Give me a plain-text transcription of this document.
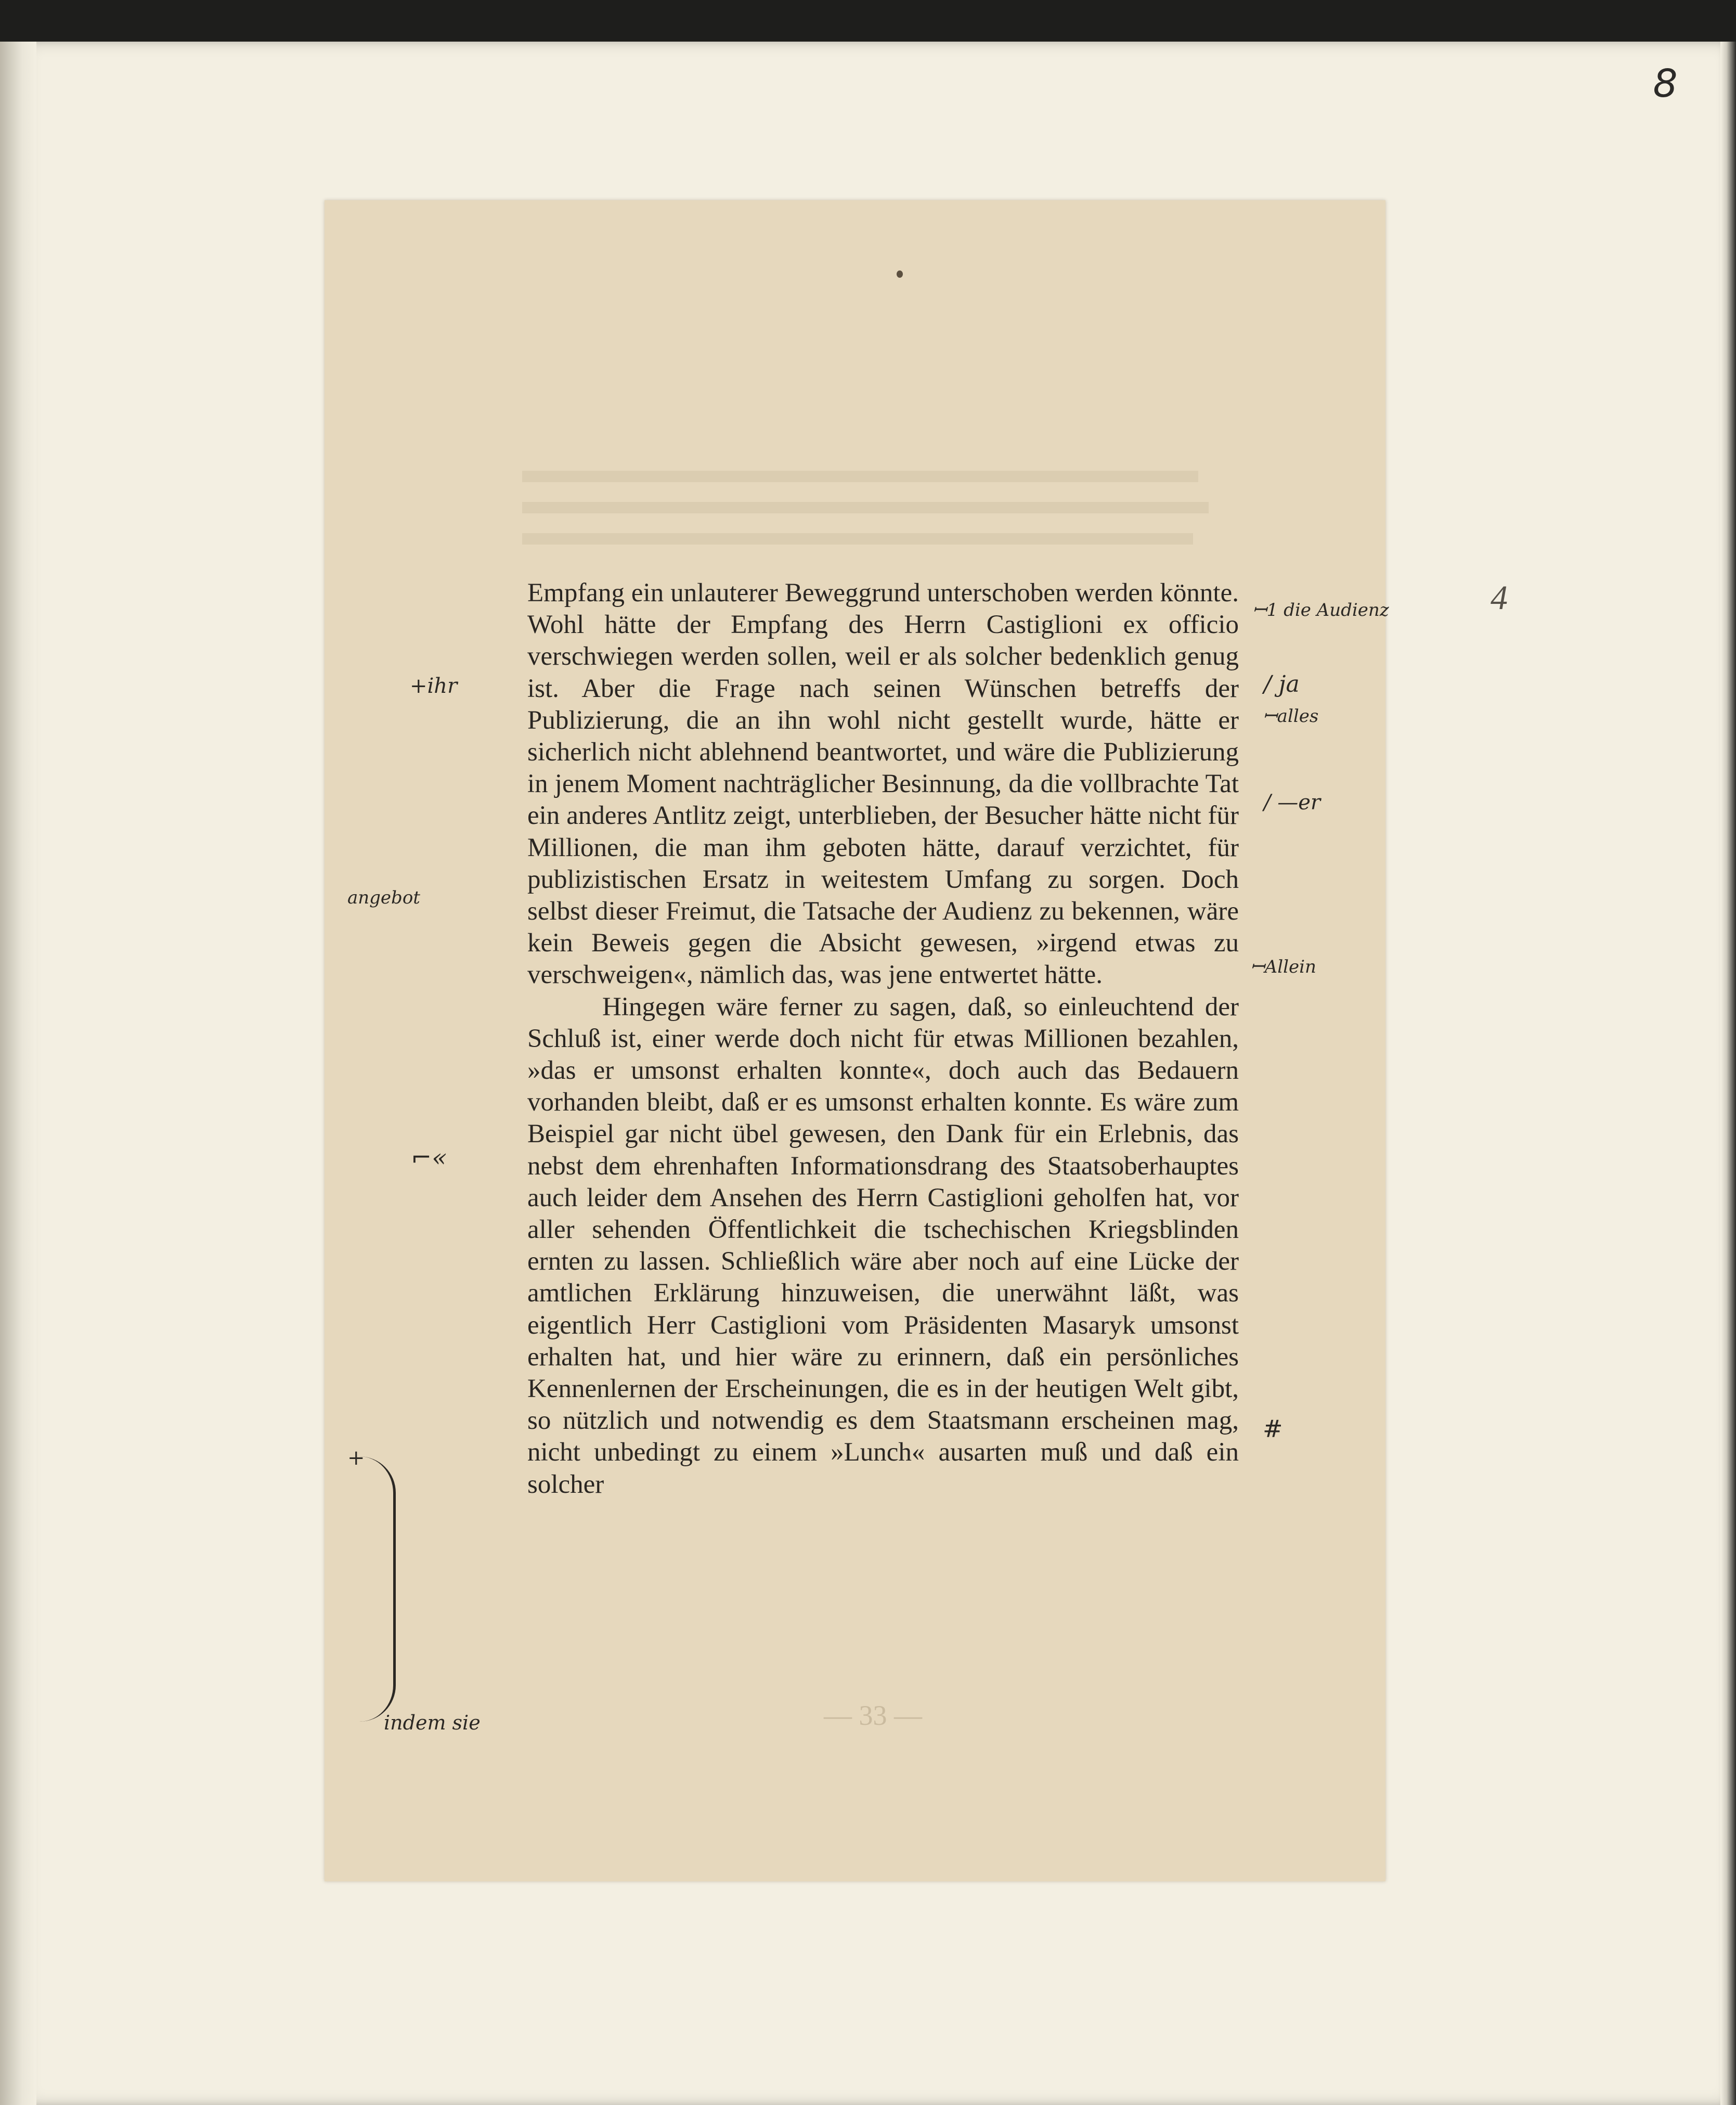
8

4

— 33 —

Empfang ein unlauterer Beweggrund unterschoben werden könnte. Wohl hätte der Empfang des Herrn Castiglioni ex officio verschwiegen werden sollen, weil er als solcher bedenklich genug ist. Aber die Frage nach seinen Wünschen betreffs der Publizierung, die an ihn wohl nicht gestellt wurde, hätte er sicherlich nicht ablehnend beantwortet, und wäre die Publizierung in jenem Moment nachträglicher Besinnung, da die vollbrachte Tat ein anderes Antlitz zeigt, unterblieben, der Besucher hätte nicht für Millionen, die man ihm geboten hätte, darauf verzichtet, für publizistischen Ersatz in weitestem Umfang zu sorgen. Doch selbst dieser Freimut, die Tatsache der Audienz zu bekennen, wäre kein Beweis gegen die Absicht gewesen, »irgend etwas zu verschweigen«, nämlich das, was jene entwertet hätte.

Hingegen wäre ferner zu sagen, daß, so einleuchtend der Schluß ist, einer werde doch nicht für etwas Millionen bezahlen, »das er umsonst erhalten konnte«, doch auch das Bedauern vorhanden bleibt, daß er es umsonst erhalten konnte. Es wäre zum Beispiel gar nicht übel gewesen, den Dank für ein Erlebnis, das nebst dem ehrenhaften Informationsdrang des Staatsoberhauptes auch leider dem Ansehen des Herrn Castiglioni geholfen hat, vor aller sehenden Öffentlichkeit die tschechischen Kriegsblinden ernten zu lassen. Schließlich wäre aber noch auf eine Lücke der amtlichen Erklärung hinzuweisen, die unerwähnt läßt, was eigentlich Herr Castiglioni vom Präsidenten Masaryk umsonst erhalten hat, und hier wäre zu erinnern, daß ein persönliches Kennenlernen der Erscheinungen, die es in der heutigen Welt gibt, so nützlich und notwendig es dem Staatsmann erscheinen mag, nicht unbedingt zu einem »Lunch« ausarten muß und daß ein solcher

ꟷ1 die Audienz

/ ja

ꟷalles

/ —er

ꟷAllein

#

+ihr

angebot

⌐«

+

indem sie
